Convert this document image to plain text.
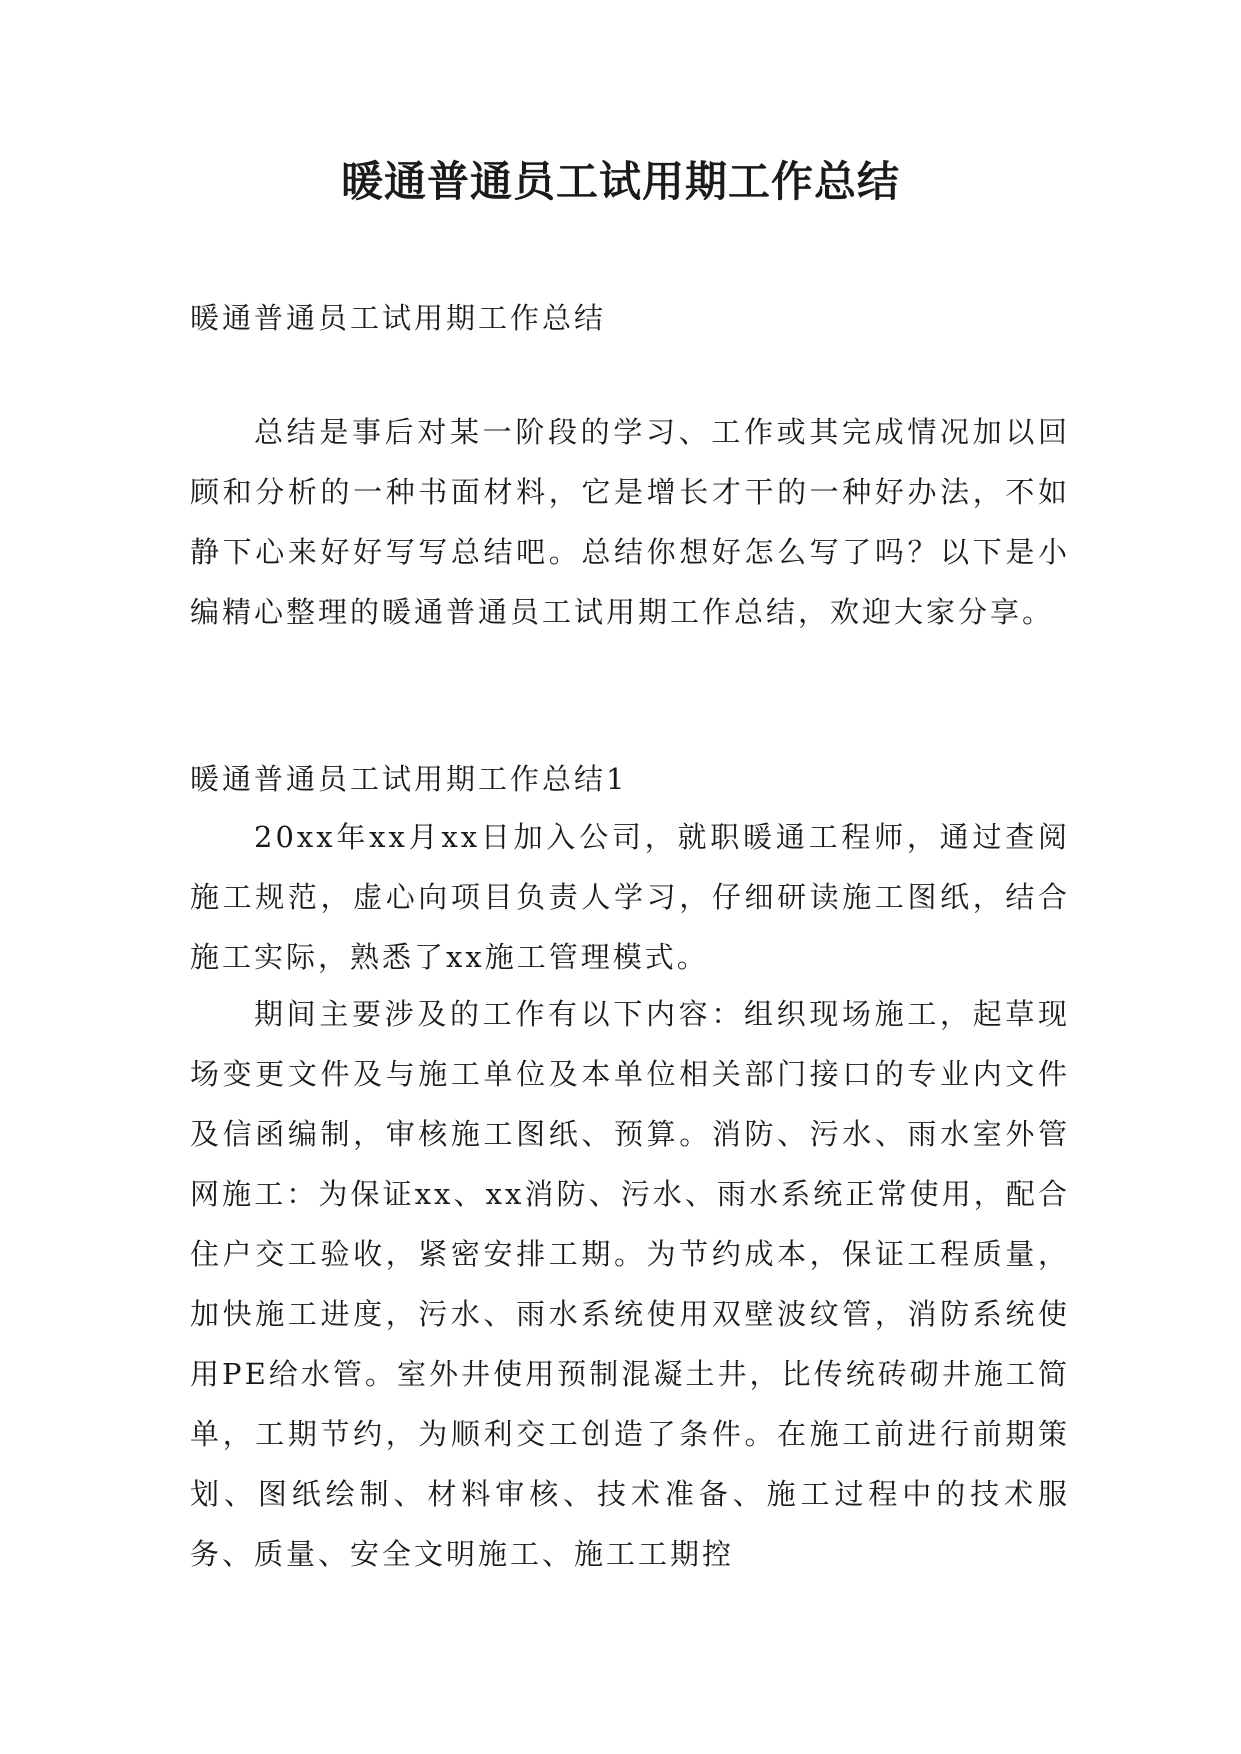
暖通普通员工试用期工作总结

暖通普通员工试用期工作总结

总结是事后对某一阶段的学习、工作或其完成情况加以回顾和分析的一种书面材料，它是增长才干的一种好办法，不如静下心来好好写写总结吧。总结你想好怎么写了吗？以下是小编精心整理的暖通普通员工试用期工作总结，欢迎大家分享。

暖通普通员工试用期工作总结1

20xx年xx月xx日加入公司，就职暖通工程师，通过查阅施工规范，虚心向项目负责人学习，仔细研读施工图纸，结合施工实际，熟悉了xx施工管理模式。

期间主要涉及的工作有以下内容：组织现场施工，起草现场变更文件及与施工单位及本单位相关部门接口的专业内文件及信函编制，审核施工图纸、预算。消防、污水、雨水室外管网施工：为保证xx、xx消防、污水、雨水系统正常使用，配合住户交工验收，紧密安排工期。为节约成本，保证工程质量，加快施工进度，污水、雨水系统使用双壁波纹管，消防系统使用PE给水管。室外井使用预制混凝土井，比传统砖砌井施工简单，工期节约，为顺利交工创造了条件。在施工前进行前期策划、图纸绘制、材料审核、技术准备、施工过程中的技术服务、质量、安全文明施工、施工工期控
